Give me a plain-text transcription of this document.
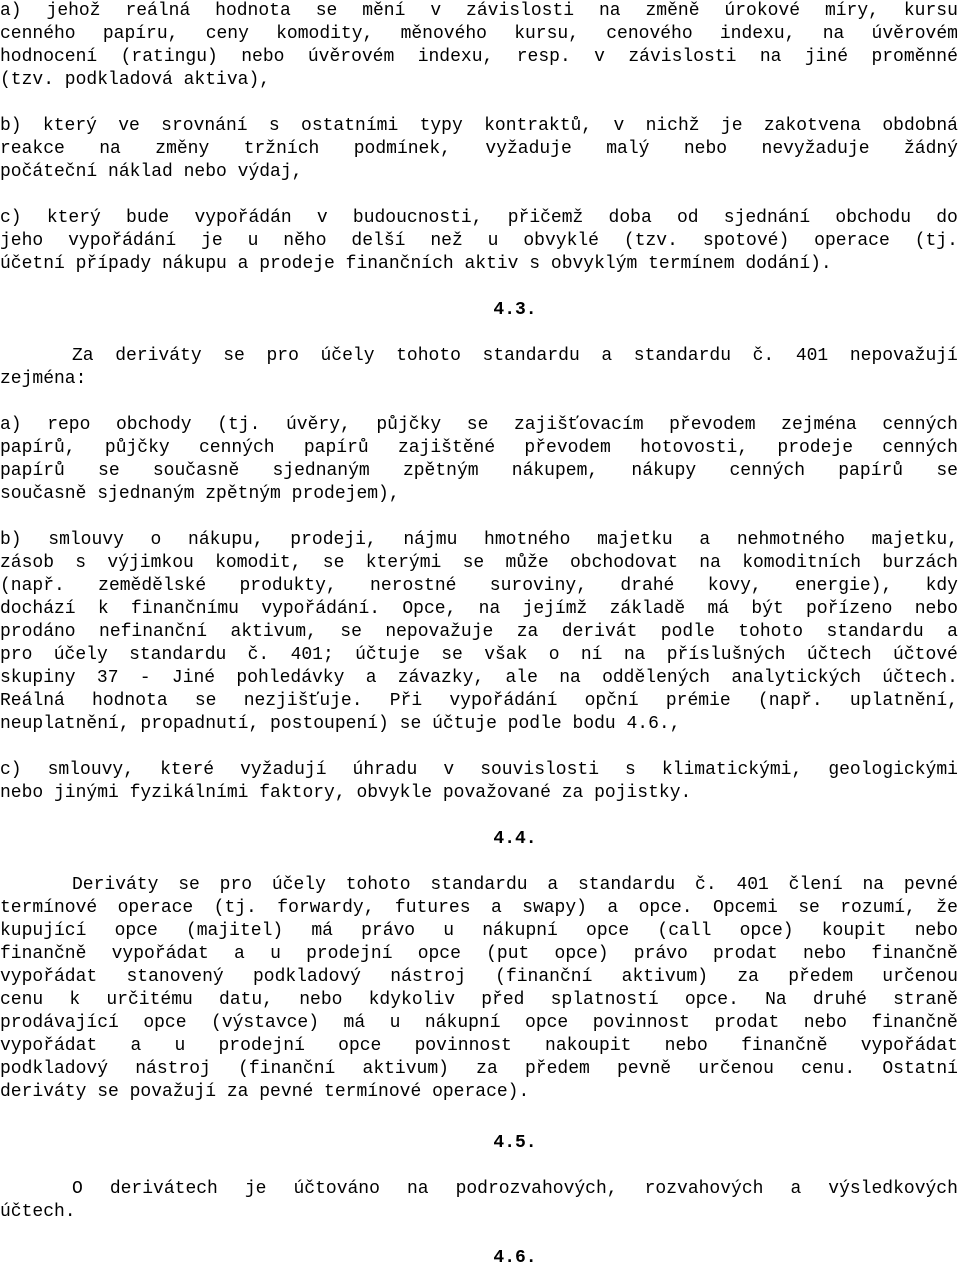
a) jehož reálná hodnota se mění v závislosti na změně úrokové míry, kursu
cenného papíru, ceny komodity, měnového kursu, cenového indexu, na úvěrovém
hodnocení (ratingu) nebo úvěrovém indexu, resp. v závislosti na jiné proměnné
(tzv. podkladová aktiva),
b) který ve srovnání s ostatními typy kontraktů, v nichž je zakotvena obdobná
reakce na změny tržních podmínek, vyžaduje malý nebo nevyžaduje žádný
počáteční náklad nebo výdaj,
c) který bude vypořádán v budoucnosti, přičemž doba od sjednání obchodu do
jeho vypořádání je u něho delší než u obvyklé (tzv. spotové) operace (tj.
účetní případy nákupu a prodeje finančních aktiv s obvyklým termínem dodání).
4.3.
Za deriváty se pro účely tohoto standardu a standardu č. 401 nepovažují
zejména:
a) repo obchody (tj. úvěry, půjčky se zajišťovacím převodem zejména cenných
papírů, půjčky cenných papírů zajištěné převodem hotovosti, prodeje cenných
papírů se současně sjednaným zpětným nákupem, nákupy cenných papírů se
současně sjednaným zpětným prodejem),
b) smlouvy o nákupu, prodeji, nájmu hmotného majetku a nehmotného majetku,
zásob s výjimkou komodit, se kterými se může obchodovat na komoditních burzách
(např. zemědělské produkty, nerostné suroviny, drahé kovy, energie), kdy
dochází k finančnímu vypořádání. Opce, na jejímž základě má být pořízeno nebo
prodáno nefinanční aktivum, se nepovažuje za derivát podle tohoto standardu a
pro účely standardu č. 401; účtuje se však o ní na příslušných účtech účtové
skupiny 37 - Jiné pohledávky a závazky, ale na oddělených analytických účtech.
Reálná hodnota se nezjišťuje. Při vypořádání opční prémie (např. uplatnění,
neuplatnění, propadnutí, postoupení) se účtuje podle bodu 4.6.,
c) smlouvy, které vyžadují úhradu v souvislosti s klimatickými, geologickými
nebo jinými fyzikálními faktory, obvykle považované za pojistky.
4.4.
Deriváty se pro účely tohoto standardu a standardu č. 401 člení na pevné
termínové operace (tj. forwardy, futures a swapy) a opce. Opcemi se rozumí, že
kupující opce (majitel) má právo u nákupní opce (call opce) koupit nebo
finančně vypořádat a u prodejní opce (put opce) právo prodat nebo finančně
vypořádat stanovený podkladový nástroj (finanční aktivum) za předem určenou
cenu k určitému datu, nebo kdykoliv před splatností opce. Na druhé straně
prodávající opce (výstavce) má u nákupní opce povinnost prodat nebo finančně
vypořádat a u prodejní opce povinnost nakoupit nebo finančně vypořádat
podkladový nástroj (finanční aktivum) za předem pevně určenou cenu. Ostatní
deriváty se považují za pevné termínové operace).
4.5.
O derivátech je účtováno na podrozvahových, rozvahových a výsledkových
účtech.
4.6.
